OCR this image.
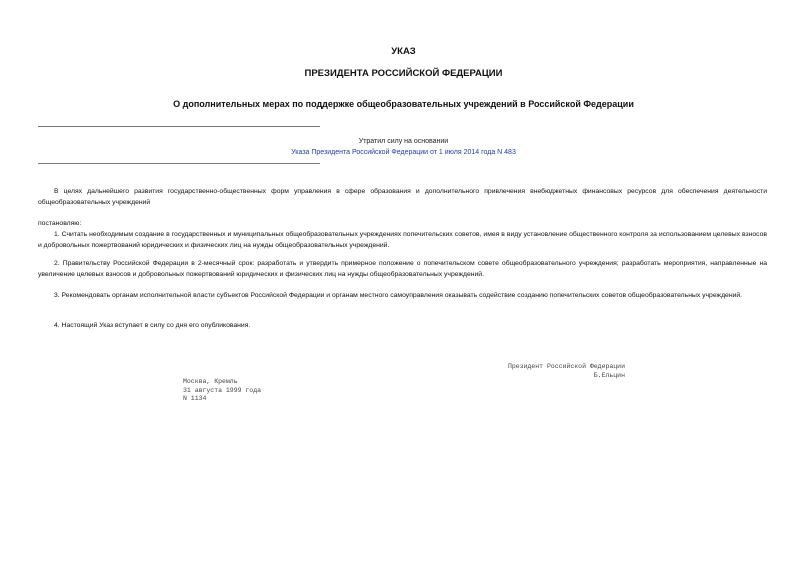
УКАЗ
ПРЕЗИДЕНТА РОССИЙСКОЙ ФЕДЕРАЦИИ
О дополнительных мерах по поддержке общеобразовательных учреждений в Российской Федерации
Утратил силу на основании
Указа Президента Российской Федерации от 1 июля 2014 года N 483
В целях дальнейшего развития государственно-общественных форм управления в сфере образования и дополнительного привлечения внебюджетных финансовых ресурсов для обеспечения деятельности общеобразовательных учреждений
постановляю:
1. Считать необходимым создание в государственных и муниципальных общеобразовательных учреждениях попечительских советов, имея в виду установление общественного контроля за использованием целевых взносов и добровольных пожертвований юридических и физических лиц на нужды общеобразовательных учреждений.
2. Правительству Российской Федерации в 2-месячный срок: разработать и утвердить примерное положение о попечительском совете общеобразовательного учреждения; разработать мероприятия, направленные на увеличение целевых взносов и добровольных пожертвований юридических и физических лиц на нужды общеобразовательных учреждений.
3. Рекомендовать органам исполнительной власти субъектов Российской Федерации и органам местного самоуправления оказывать содействие созданию попечительских советов общеобразовательных учреждений.
4. Настоящий Указ вступает в силу со дня его опубликования.
Президент Российской Федерации
Б.Ельцин
Москва, Кремль
31 августа 1999 года
N 1134
